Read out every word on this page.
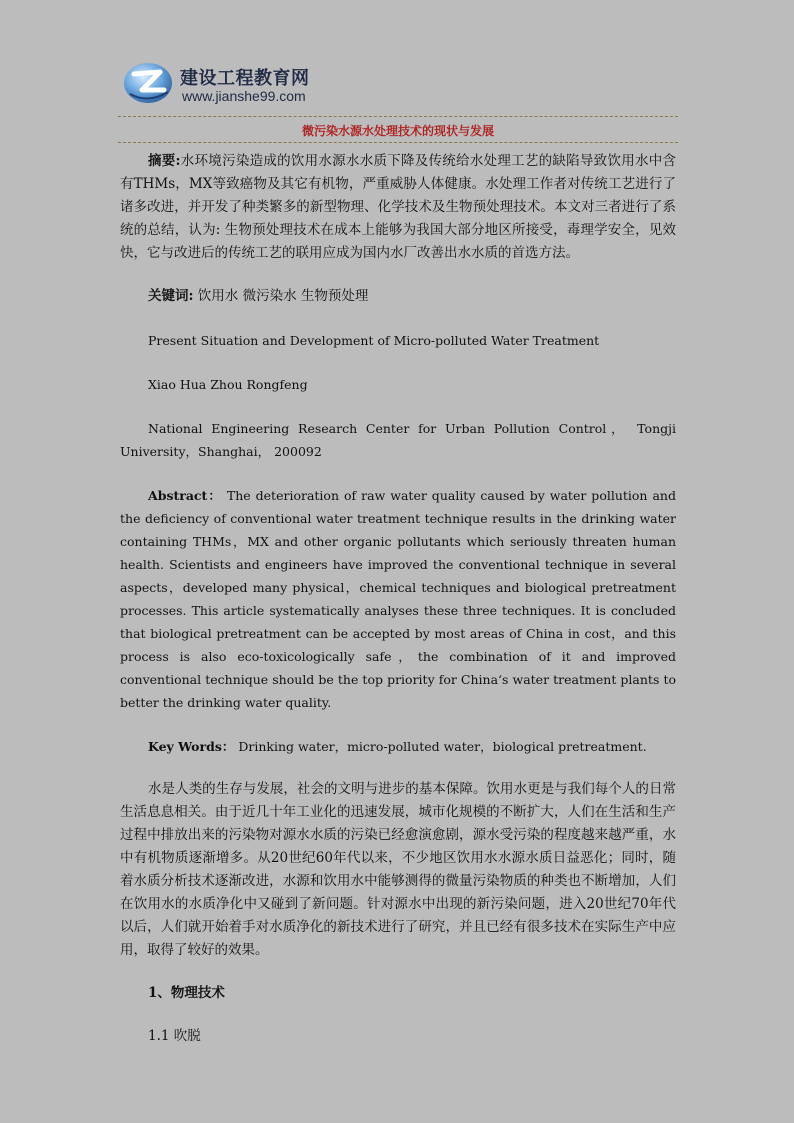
建设工程教育网
www.jianshe99.com
微污染水源水处理技术的现状与发展

摘要:水环境污染造成的饮用水源水水质下降及传统给水处理工艺的缺陷导致饮用水中含有THMs，MX等致癌物及其它有机物，严重威胁人体健康。水处理工作者对传统工艺进行了诸多改进，并开发了种类繁多的新型物理、化学技术及生物预处理技术。本文对三者进行了系统的总结，认为: 生物预处理技术在成本上能够为我国大部分地区所接受，毒理学安全，见效快，它与改进后的传统工艺的联用应成为国内水厂改善出水水质的首选方法。

关键词: 饮用水 微污染水 生物预处理

Present Situation and Development of Micro-polluted Water Treatment

Xiao Hua Zhou Rongfeng

National Engineering Research Center for Urban Pollution Control， Tongji University，Shanghai， 200092

Abstract： The deterioration of raw water quality caused by water pollution and the deficiency of conventional water treatment technique results in the drinking water containing THMs，MX and other organic pollutants which seriously threaten human health. Scientists and engineers have improved the conventional technique in several aspects，developed many physical，chemical techniques and biological pretreatment processes. This article systematically analyses these three techniques. It is concluded that biological pretreatment can be accepted by most areas of China in cost，and this process is also eco-toxicologically safe，the combination of it and improved conventional technique should be the top priority for China‘s water treatment plants to better the drinking water quality.

Key Words： Drinking water，micro-polluted water，biological pretreatment.

水是人类的生存与发展，社会的文明与进步的基本保障。饮用水更是与我们每个人的日常生活息息相关。由于近几十年工业化的迅速发展，城市化规模的不断扩大，人们在生活和生产过程中排放出来的污染物对源水水质的污染已经愈演愈剧，源水受污染的程度越来越严重，水中有机物质逐渐增多。从20世纪60年代以来，不少地区饮用水水源水质日益恶化；同时，随着水质分析技术逐渐改进，水源和饮用水中能够测得的微量污染物质的种类也不断增加，人们在饮用水的水质净化中又碰到了新问题。针对源水中出现的新污染问题，进入20世纪70年代以后，人们就开始着手对水质净化的新技术进行了研究，并且已经有很多技术在实际生产中应用，取得了较好的效果。

1、物理技术

1.1 吹脱
